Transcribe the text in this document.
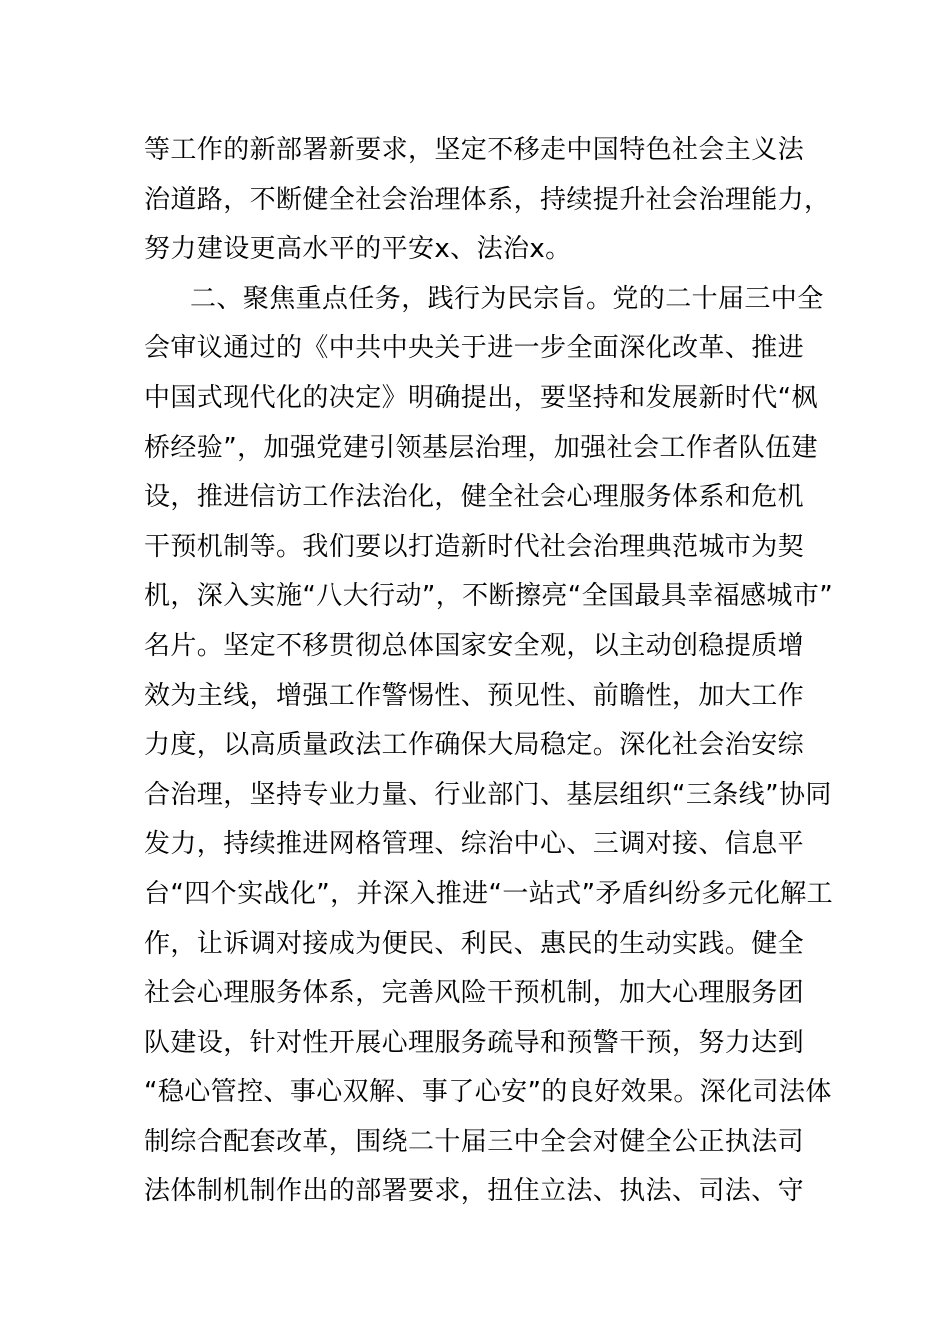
等工作的新部署新要求，坚定不移走中国特色社会主义法
治道路，不断健全社会治理体系，持续提升社会治理能力，
努力建设更高水平的平安x、法治x。
二、聚焦重点任务，践行为民宗旨。党的二十届三中全
会审议通过的《中共中央关于进一步全面深化改革、推进
中国式现代化的决定》明确提出，要坚持和发展新时代“枫
桥经验”，加强党建引领基层治理，加强社会工作者队伍建
设，推进信访工作法治化，健全社会心理服务体系和危机
干预机制等。我们要以打造新时代社会治理典范城市为契
机，深入实施“八大行动”，不断擦亮“全国最具幸福感城市”
名片。坚定不移贯彻总体国家安全观，以主动创稳提质增
效为主线，增强工作警惕性、预见性、前瞻性，加大工作
力度，以高质量政法工作确保大局稳定。深化社会治安综
合治理，坚持专业力量、行业部门、基层组织“三条线”协同
发力，持续推进网格管理、综治中心、三调对接、信息平
台“四个实战化”，并深入推进“一站式”矛盾纠纷多元化解工
作，让诉调对接成为便民、利民、惠民的生动实践。健全
社会心理服务体系，完善风险干预机制，加大心理服务团
队建设，针对性开展心理服务疏导和预警干预，努力达到
“稳心管控、事心双解、事了心安”的良好效果。深化司法体
制综合配套改革，围绕二十届三中全会对健全公正执法司
法体制机制作出的部署要求，扭住立法、执法、司法、守
